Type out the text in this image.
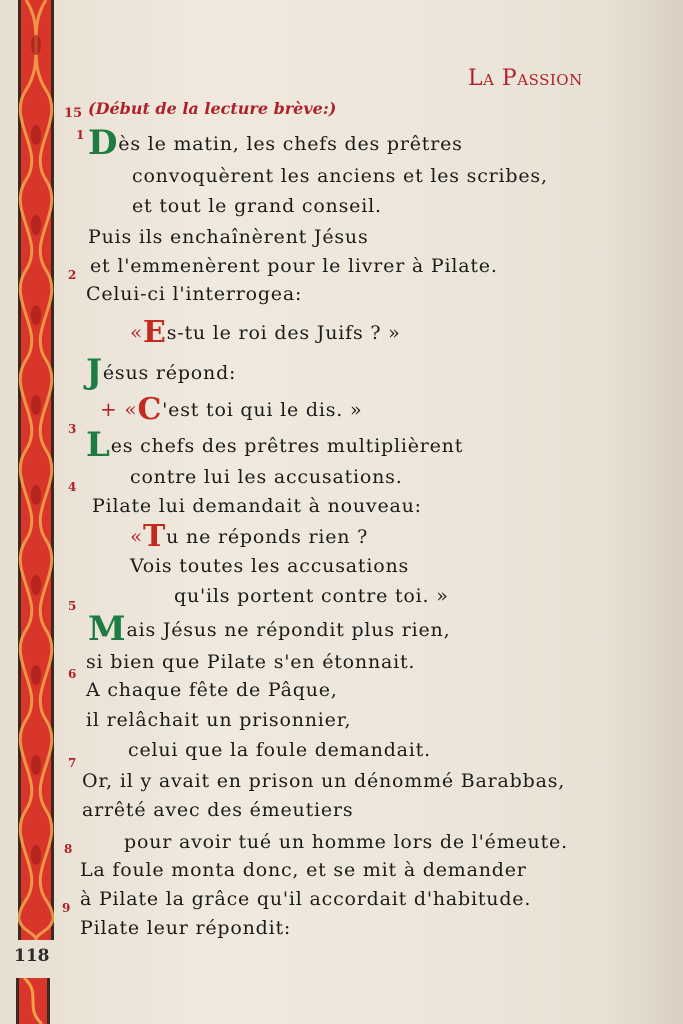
118
La Passion
15 (Début de la lecture brève:)
1
2
3
4
5
6
7
8
9
Dès le matin, les chefs des prêtres
convoquèrent les anciens et les scribes,
et tout le grand conseil.
Puis ils enchaînèrent Jésus
et l'emmenèrent pour le livrer à Pilate.
Celui-ci l'interrogea:
«Es-tu le roi des Juifs ? »
Jésus répond:
+ «C'est toi qui le dis. »
Les chefs des prêtres multiplièrent
contre lui les accusations.
Pilate lui demandait à nouveau:
«Tu ne réponds rien ?
Vois toutes les accusations
qu'ils portent contre toi. »
Mais Jésus ne répondit plus rien,
si bien que Pilate s'en étonnait.
A chaque fête de Pâque,
il relâchait un prisonnier,
celui que la foule demandait.
Or, il y avait en prison un dénommé Barabbas,
arrêté avec des émeutiers
pour avoir tué un homme lors de l'émeute.
La foule monta donc, et se mit à demander
à Pilate la grâce qu'il accordait d'habitude.
Pilate leur répondit:
